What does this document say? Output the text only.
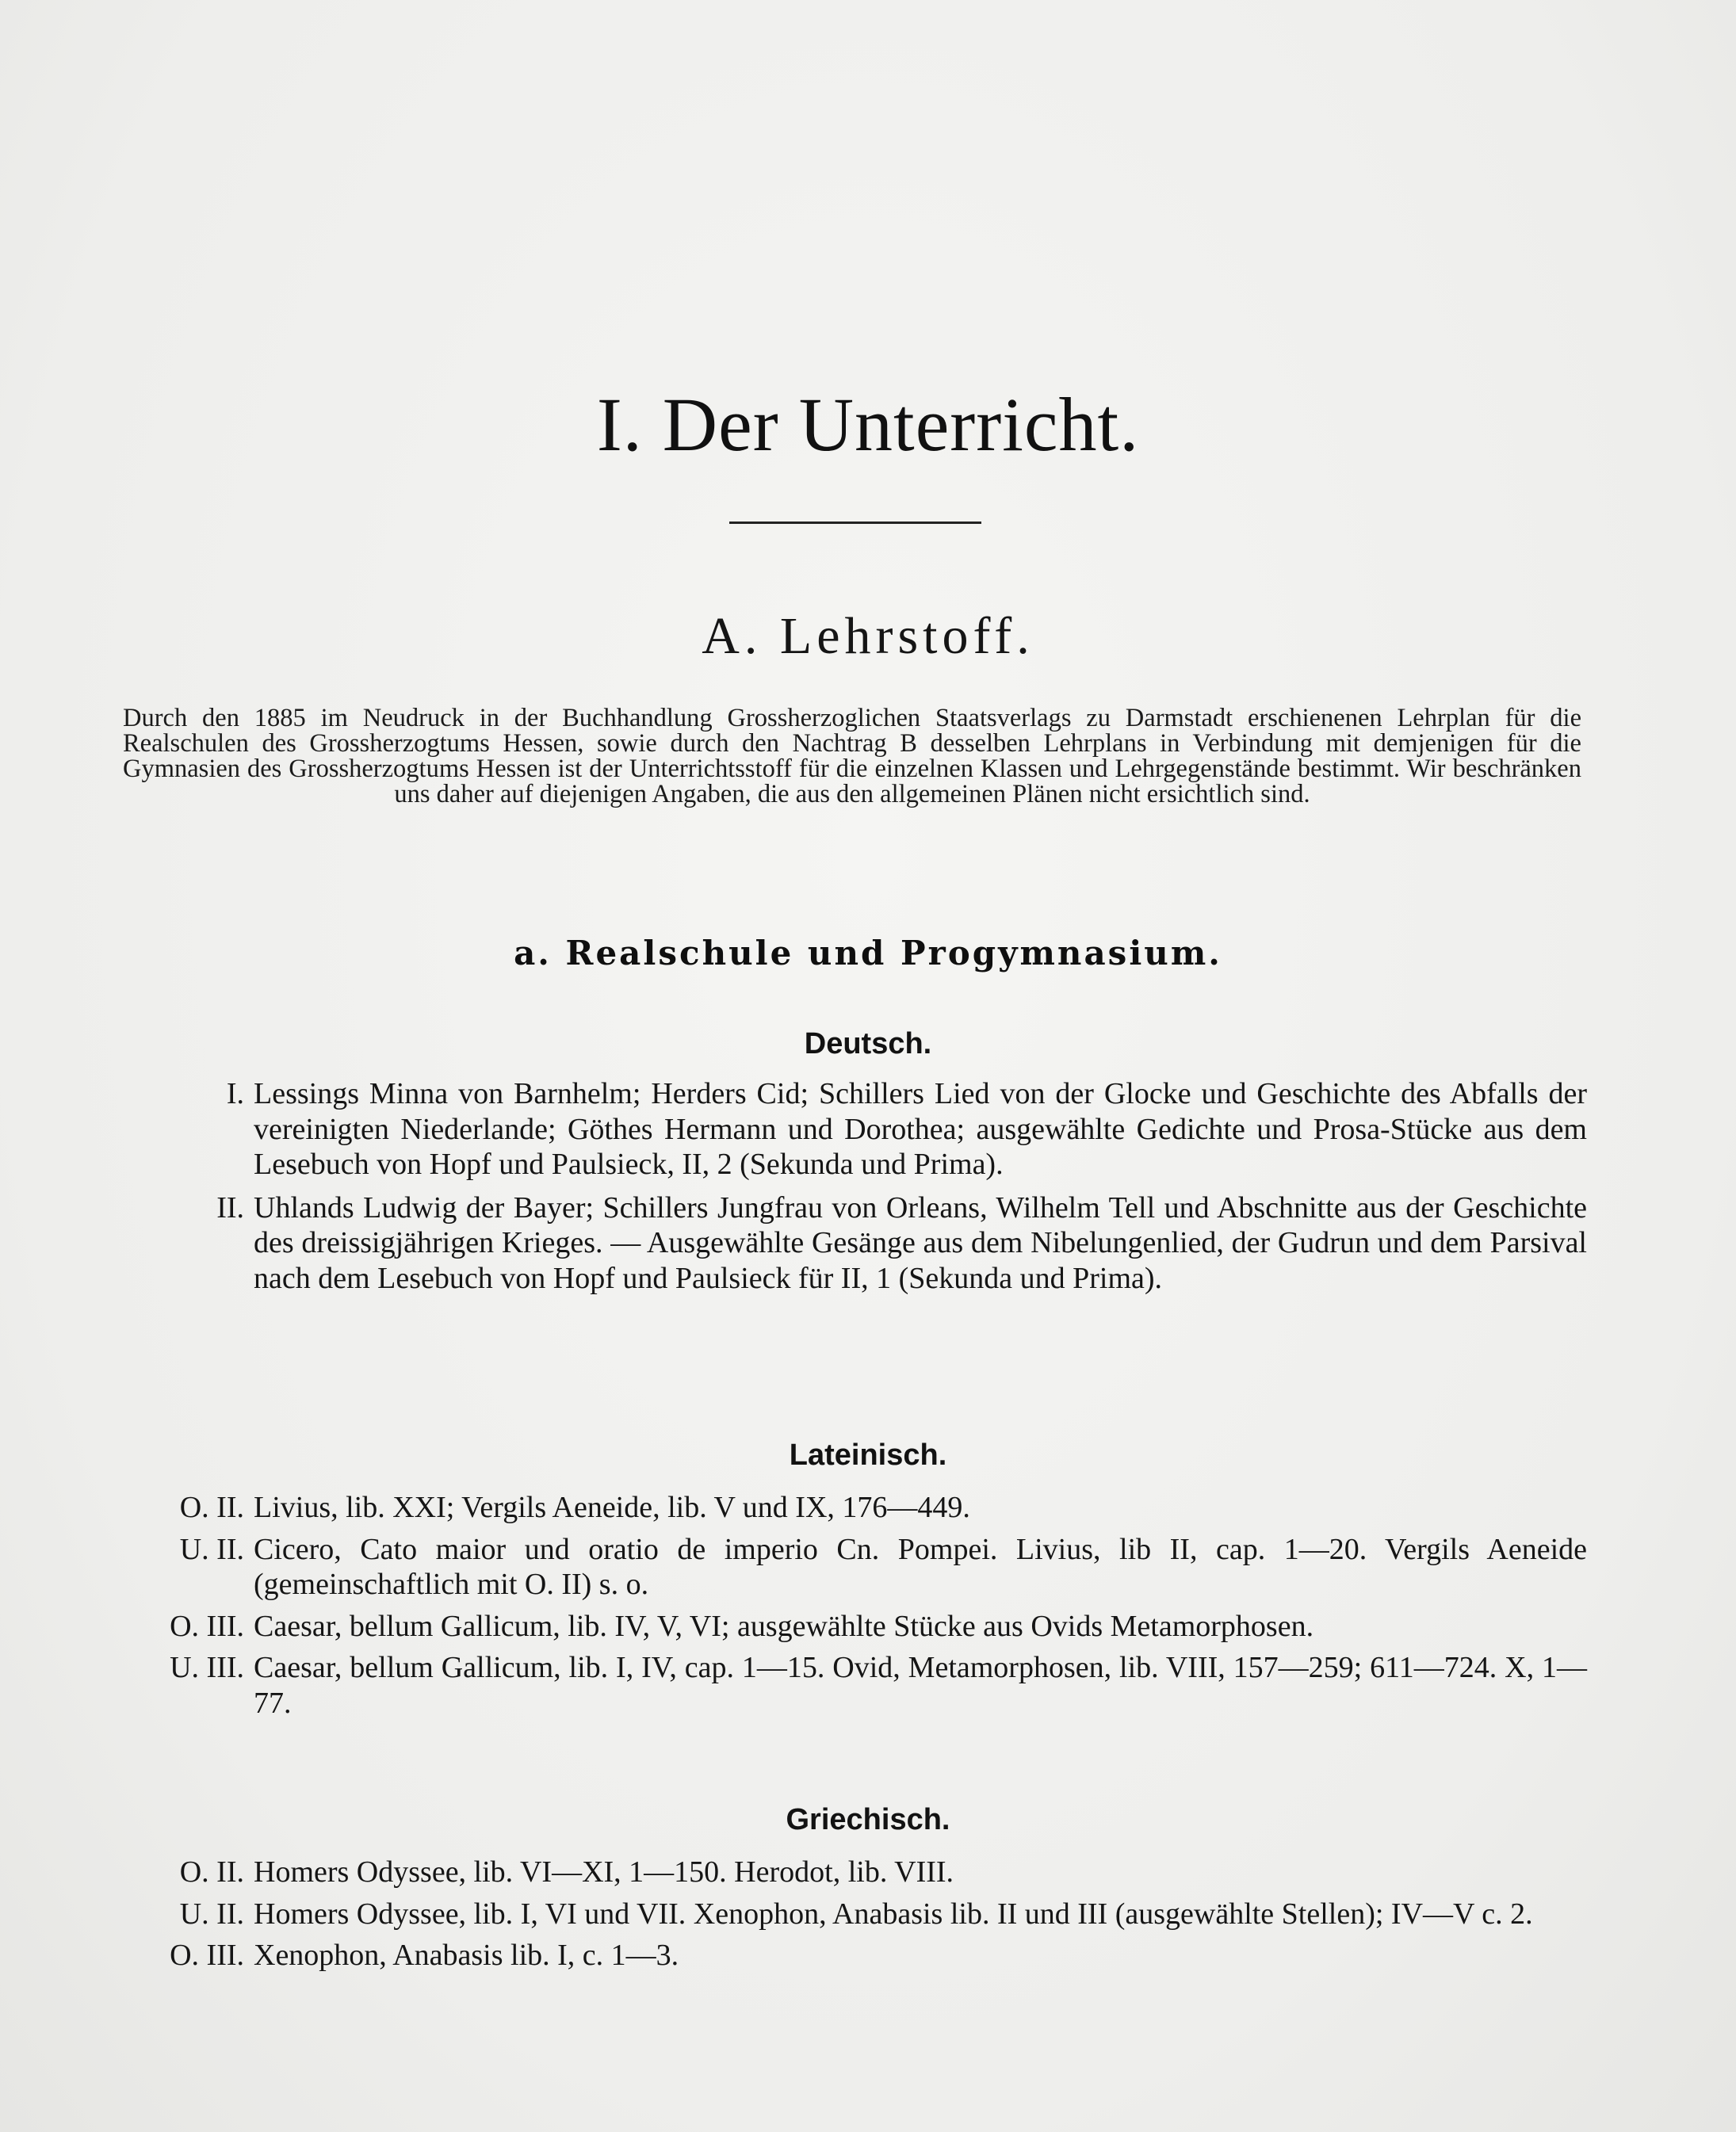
I. Der Unterricht.
A. Lehrstoff.
Durch den 1885 im Neudruck in der Buchhandlung Grossherzoglichen Staatsverlags zu Darmstadt erschienenen Lehrplan für die Realschulen des Grossherzogtums Hessen, sowie durch den Nachtrag B desselben Lehrplans in Verbindung mit demjenigen für die Gymnasien des Grossherzogtums Hessen ist der Unterrichtsstoff für die einzelnen Klassen und Lehrgegenstände bestimmt. Wir beschränken uns daher auf diejenigen Angaben, die aus den allgemeinen Plänen nicht ersichtlich sind.
a. Realschule und Progymnasium.
Deutsch.
I. Lessings Minna von Barnhelm; Herders Cid; Schillers Lied von der Glocke und Geschichte des Abfalls der vereinigten Niederlande; Göthes Hermann und Dorothea; ausgewählte Gedichte und Prosa-Stücke aus dem Lesebuch von Hopf und Paulsieck, II, 2 (Sekunda und Prima).
II. Uhlands Ludwig der Bayer; Schillers Jungfrau von Orleans, Wilhelm Tell und Abschnitte aus der Geschichte des dreissigjährigen Krieges. — Ausgewählte Gesänge aus dem Nibelungenlied, der Gudrun und dem Parsival nach dem Lesebuch von Hopf und Paulsieck für II, 1 (Sekunda und Prima).
Lateinisch.
O. II. Livius, lib. XXI; Vergils Aeneide, lib. V und IX, 176—449.
U. II. Cicero, Cato maior und oratio de imperio Cn. Pompei. Livius, lib II, cap. 1—20. Vergils Aeneide (gemeinschaftlich mit O. II) s. o.
O. III. Caesar, bellum Gallicum, lib. IV, V, VI; ausgewählte Stücke aus Ovids Metamorphosen.
U. III. Caesar, bellum Gallicum, lib. I, IV, cap. 1—15. Ovid, Metamorphosen, lib. VIII, 157—259; 611—724. X, 1—77.
Griechisch.
O. II. Homers Odyssee, lib. VI—XI, 1—150. Herodot, lib. VIII.
U. II. Homers Odyssee, lib. I, VI und VII. Xenophon, Anabasis lib. II und III (ausgewählte Stellen); IV—V c. 2.
O. III. Xenophon, Anabasis lib. I, c. 1—3.
